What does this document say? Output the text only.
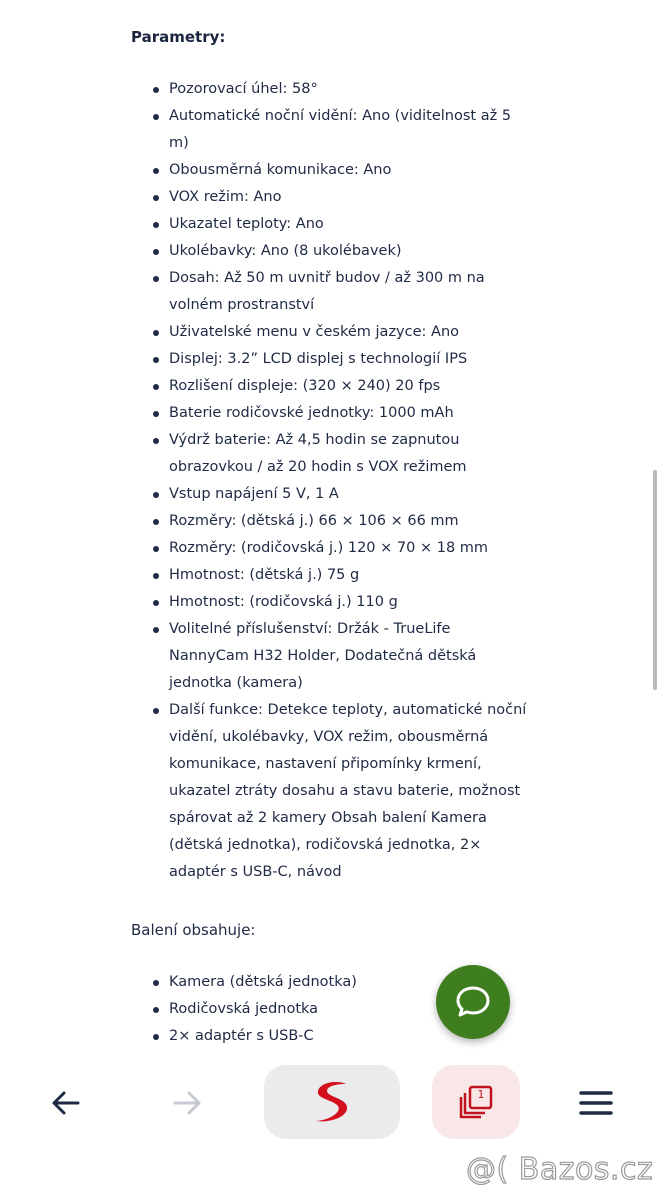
Parametry:
Pozorovací úhel: 58°
Automatické noční vidění: Ano (viditelnost až 5 m)
Obousměrná komunikace: Ano
VOX režim: Ano
Ukazatel teploty: Ano
Ukolébavky: Ano (8 ukolébavek)
Dosah: Až 50 m uvnitř budov / až 300 m na volném prostranství
Uživatelské menu v českém jazyce: Ano
Displej: 3.2” LCD displej s technologií IPS
Rozlišení displeje: (320 × 240) 20 fps
Baterie rodičovské jednotky: 1000 mAh
Výdrž baterie: Až 4,5 hodin se zapnutou obrazovkou / až 20 hodin s VOX režimem
Vstup napájení 5 V, 1 A
Rozměry: (dětská j.) 66 × 106 × 66 mm
Rozměry: (rodičovská j.) 120 × 70 × 18 mm
Hmotnost: (dětská j.) 75 g
Hmotnost: (rodičovská j.) 110 g
Volitelné příslušenství: Držák - TrueLife NannyCam H32 Holder, Dodatečná dětská jednotka (kamera)
Další funkce: Detekce teploty, automatické noční vidění, ukolébavky, VOX režim, obousměrná komunikace, nastavení připomínky krmení, ukazatel ztráty dosahu a stavu baterie, možnost spárovat až 2 kamery Obsah balení Kamera (dětská jednotka), rodičovská jednotka, 2× adaptér s USB-C, návod
Balení obsahuje:
Kamera (dětská jednotka)
Rodičovská jednotka
2× adaptér s USB-C
1
@( Bazos.cz
